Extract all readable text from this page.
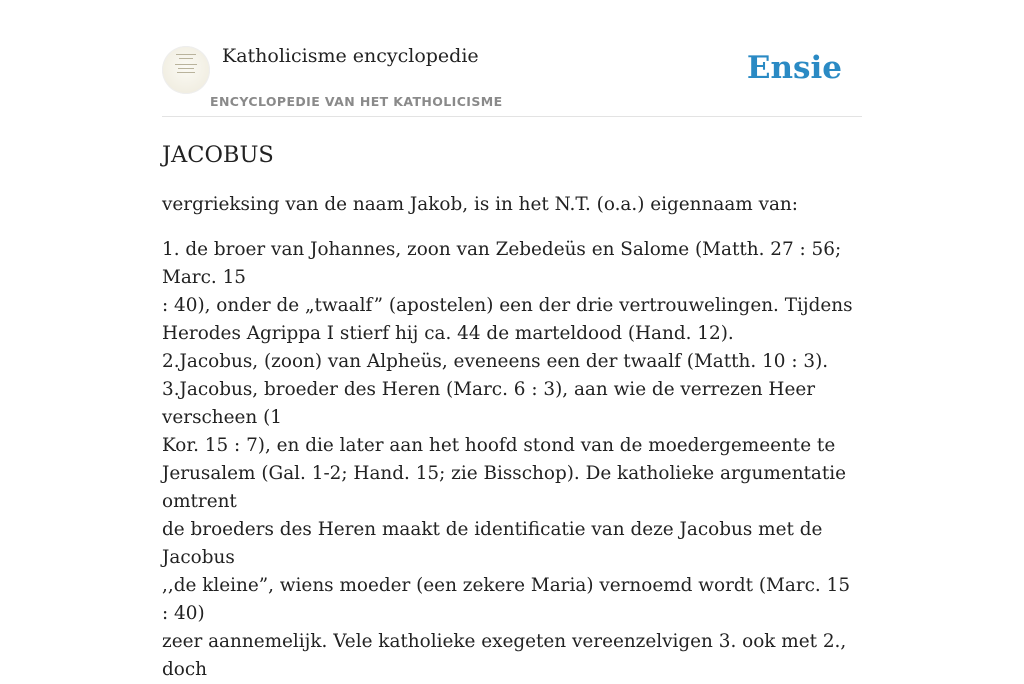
Katholicisme encyclopedie
ENCYCLOPEDIE VAN HET KATHOLICISME
Ensie
JACOBUS

vergrieksing van de naam Jakob, is in het N.T. (o.a.) eigennaam van:

1. de broer van Johannes, zoon van Zebedeüs en Salome (Matth. 27 : 56; Marc. 15
: 40), onder de „twaalf” (apostelen) een der drie vertrouwelingen. Tijdens
Herodes Agrippa I stierf hij ca. 44 de marteldood (Hand. 12).
2.Jacobus, (zoon) van Alpheüs, eveneens een der twaalf (Matth. 10 : 3).
3.Jacobus, broeder des Heren (Marc. 6 : 3), aan wie de verrezen Heer verscheen (1
Kor. 15 : 7), en die later aan het hoofd stond van de moedergemeente te
Jerusalem (Gal. 1-2; Hand. 15; zie Bisschop). De katholieke argumentatie omtrent
de broeders des Heren maakt de identificatie van deze Jacobus met de Jacobus
,,de kleine”, wiens moeder (een zekere Maria) vernoemd wordt (Marc. 15 : 40)
zeer aannemelijk. Vele katholieke exegeten vereenzelvigen 3. ook met 2., doch
